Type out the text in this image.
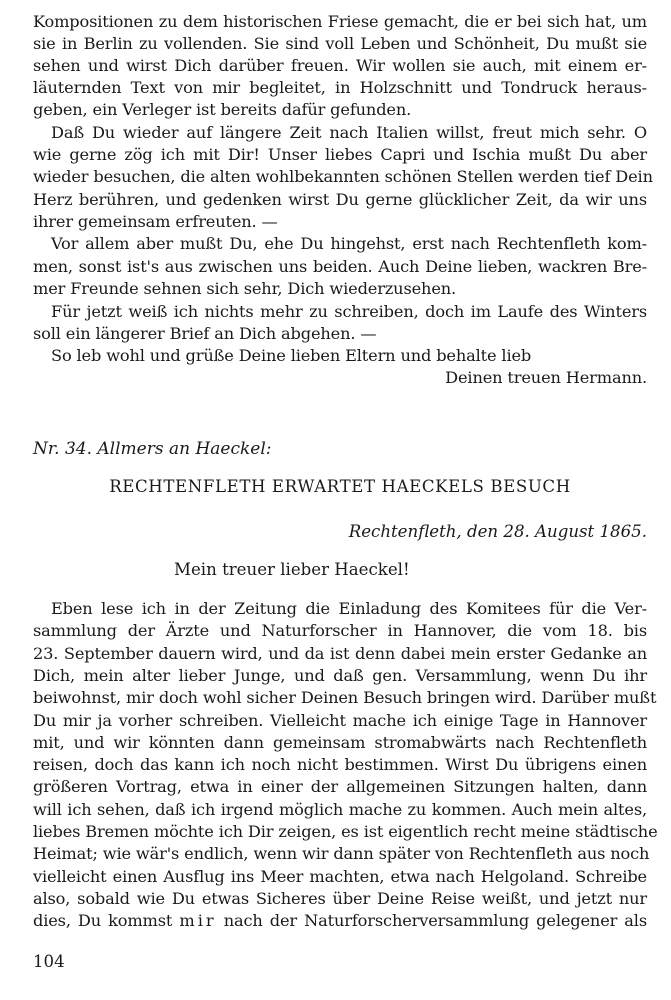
Kompositionen zu dem historischen Friese gemacht, die er bei sich hat, um
sie in Berlin zu vollenden. Sie sind voll Leben und Schönheit, Du mußt sie
sehen und wirst Dich darüber freuen. Wir wollen sie auch, mit einem er-
läuternden Text von mir begleitet, in Holzschnitt und Tondruck heraus-
geben, ein Verleger ist bereits dafür gefunden.
Daß Du wieder auf längere Zeit nach Italien willst, freut mich sehr. O
wie gerne zög ich mit Dir! Unser liebes Capri und Ischia mußt Du aber
wieder besuchen, die alten wohlbekannten schönen Stellen werden tief Dein
Herz berühren, und gedenken wirst Du gerne glücklicher Zeit, da wir uns
ihrer gemeinsam erfreuten. —
Vor allem aber mußt Du, ehe Du hingehst, erst nach Rechtenfleth kom-
men, sonst ist's aus zwischen uns beiden. Auch Deine lieben, wackren Bre-
mer Freunde sehnen sich sehr, Dich wiederzusehen.
Für jetzt weiß ich nichts mehr zu schreiben, doch im Laufe des Winters
soll ein längerer Brief an Dich abgehen. —
So leb wohl und grüße Deine lieben Eltern und behalte lieb
Deinen treuen Hermann.
Nr. 34. Allmers an Haeckel:
RECHTENFLETH ERWARTET HAECKELS BESUCH
Rechtenfleth, den 28. August 1865.
Mein treuer lieber Haeckel!
Eben lese ich in der Zeitung die Einladung des Komitees für die Ver-
sammlung der Ärzte und Naturforscher in Hannover, die vom 18. bis
23. September dauern wird, und da ist denn dabei mein erster Gedanke an
Dich, mein alter lieber Junge, und daß gen. Versammlung, wenn Du ihr
beiwohnst, mir doch wohl sicher Deinen Besuch bringen wird. Darüber mußt
Du mir ja vorher schreiben. Vielleicht mache ich einige Tage in Hannover
mit, und wir könnten dann gemeinsam stromabwärts nach Rechtenfleth
reisen, doch das kann ich noch nicht bestimmen. Wirst Du übrigens einen
größeren Vortrag, etwa in einer der allgemeinen Sitzungen halten, dann
will ich sehen, daß ich irgend möglich mache zu kommen. Auch mein altes,
liebes Bremen möchte ich Dir zeigen, es ist eigentlich recht meine städtische
Heimat; wie wär's endlich, wenn wir dann später von Rechtenfleth aus noch
vielleicht einen Ausflug ins Meer machten, etwa nach Helgoland. Schreibe
also, sobald wie Du etwas Sicheres über Deine Reise weißt, und jetzt nur
dies, Du kommst mir nach der Naturforscherversammlung gelegener als
104
